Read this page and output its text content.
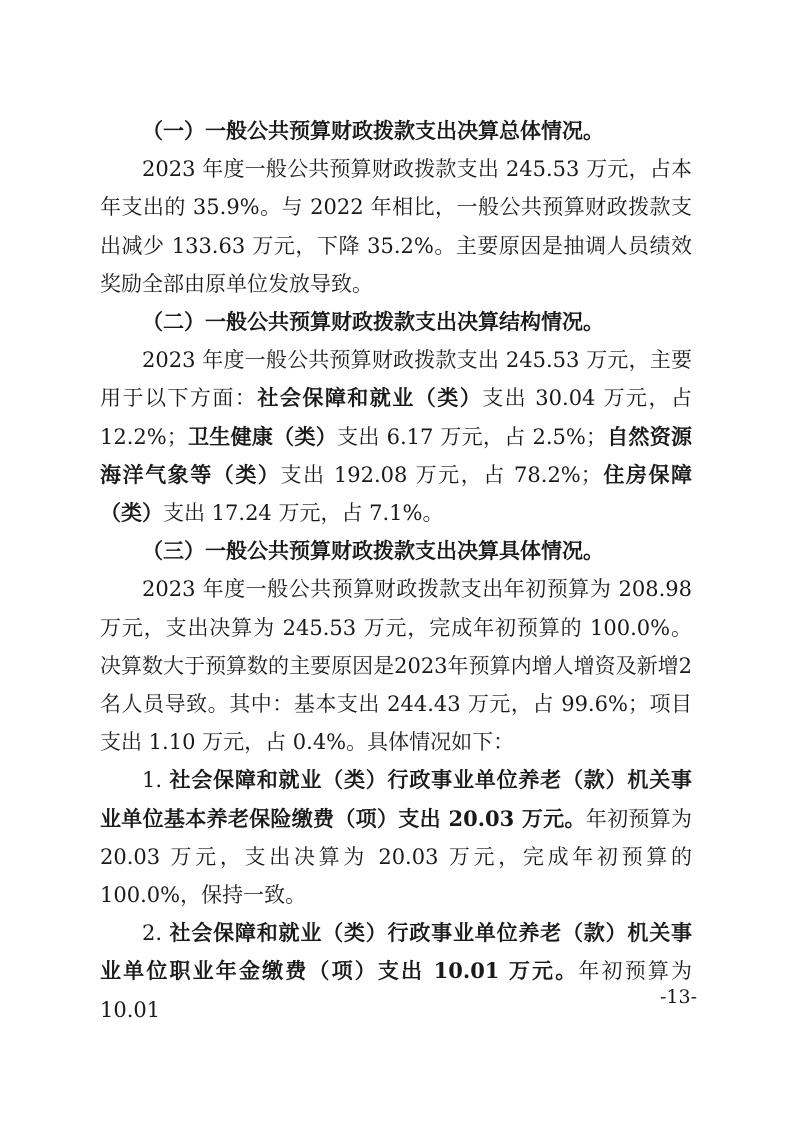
（一）一般公共预算财政拨款支出决算总体情况。

2023 年度一般公共预算财政拨款支出 245.53 万元，占本年支出的 35.9%。与 2022 年相比，一般公共预算财政拨款支出减少 133.63 万元，下降 35.2%。主要原因是抽调人员绩效奖励全部由原单位发放导致。

（二）一般公共预算财政拨款支出决算结构情况。

2023 年度一般公共预算财政拨款支出 245.53 万元，主要用于以下方面：社会保障和就业（类）支出 30.04 万元，占 12.2%；卫生健康（类）支出 6.17 万元，占 2.5%；自然资源海洋气象等（类）支出 192.08 万元，占 78.2%；住房保障（类）支出 17.24 万元，占 7.1%。

（三）一般公共预算财政拨款支出决算具体情况。

2023 年度一般公共预算财政拨款支出年初预算为 208.98 万元，支出决算为 245.53 万元，完成年初预算的 100.0%。决算数大于预算数的主要原因是2023年预算内增人增资及新增2名人员导致。其中：基本支出 244.43 万元，占 99.6%；项目支出 1.10 万元，占 0.4%。具体情况如下：

1. 社会保障和就业（类）行政事业单位养老（款）机关事业单位基本养老保险缴费（项）支出 20.03 万元。年初预算为 20.03 万元，支出决算为 20.03 万元，完成年初预算的 100.0%，保持一致。

2. 社会保障和就业（类）行政事业单位养老（款）机关事业单位职业年金缴费（项）支出 10.01 万元。年初预算为 10.01

-13-
